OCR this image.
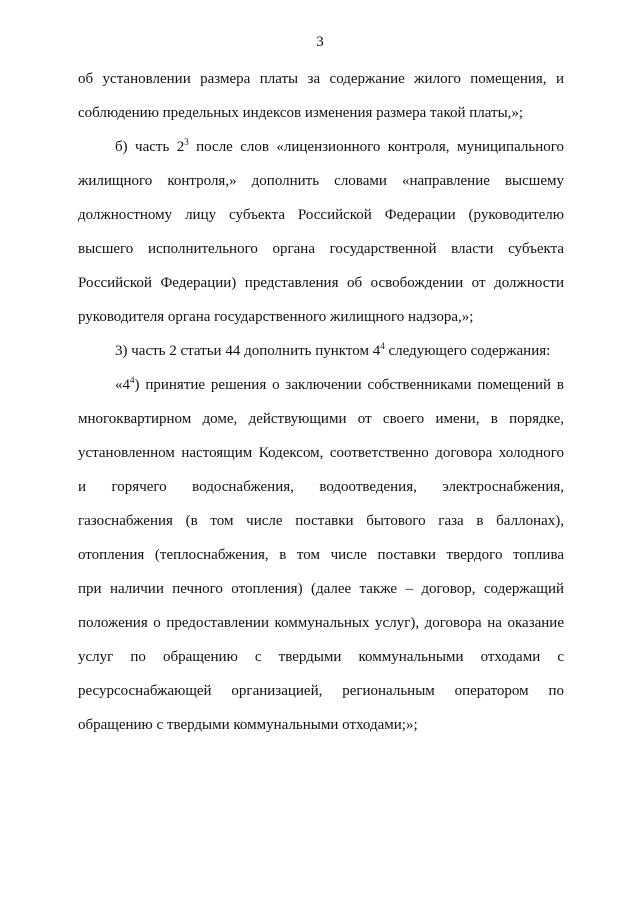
3
об установлении размера платы за содержание жилого помещения, и
соблюдению предельных индексов изменения размера такой платы,»;
б) часть $2^3$ после слов «лицензионного контроля, муниципального
жилищного контроля,» дополнить словами «направление высшему
должностному лицу субъекта Российской Федерации (руководителю
высшего исполнительного органа государственной власти субъекта
Российской Федерации) представления об освобождении от должности
руководителя органа государственного жилищного надзора,»;
3) часть 2 статьи 44 дополнить пунктом $4^4$ следующего содержания:
«$4^4$) принятие решения о заключении собственниками помещений в
многоквартирном доме, действующими от своего имени, в порядке,
установленном настоящим Кодексом, соответственно договора холодного
и горячего водоснабжения, водоотведения, электроснабжения,
газоснабжения (в том числе поставки бытового газа в баллонах),
отопления (теплоснабжения, в том числе поставки твердого топлива
при наличии печного отопления) (далее также – договор, содержащий
положения о предоставлении коммунальных услуг), договора на оказание
услуг по обращению с твердыми коммунальными отходами с
ресурсоснабжающей организацией, региональным оператором по
обращению с твердыми коммунальными отходами;»;
